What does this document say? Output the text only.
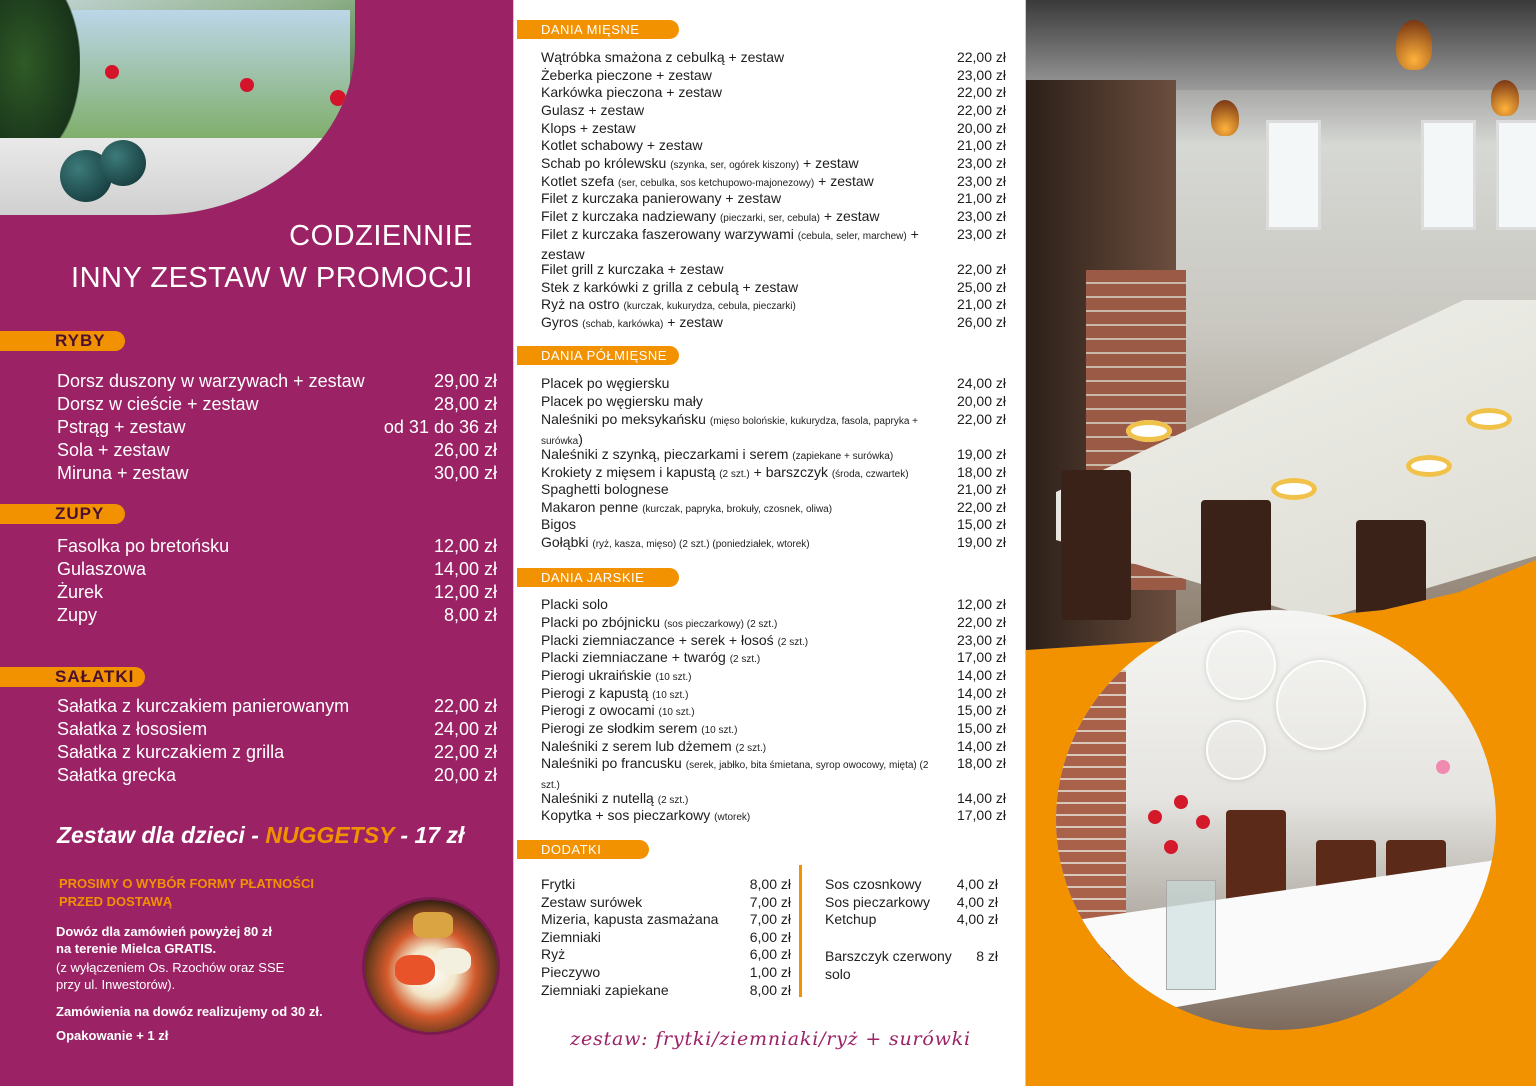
CODZIENNIE
INNY ZESTAW W PROMOCJI
RYBY
Dorsz duszony w warzywach + zestaw	29,00 zł
Dorsz w cieście + zestaw	28,00 zł
Pstrąg + zestaw	od 31 do 36 zł
Sola + zestaw	26,00 zł
Miruna + zestaw	30,00 zł
ZUPY
Fasolka po bretońsku	12,00 zł
Gulaszowa	14,00 zł
Żurek	12,00 zł
Zupy	8,00 zł
SAŁATKI
Sałatka z kurczakiem panierowanym	22,00 zł
Sałatka z łososiem	24,00 zł
Sałatka z kurczakiem z grilla	22,00 zł
Sałatka grecka	20,00 zł
Zestaw dla dzieci - NUGGETSY - 17 zł
PROSIMY O WYBÓR FORMY PŁATNOŚCI
PRZED DOSTAWĄ
Dowóz dla zamówień powyżej 80 zł
na terenie Mielca GRATIS.
(z wyłączeniem Os. Rzochów oraz SSE
przy ul. Inwestorów).
Zamówienia na dowóz realizujemy od 30 zł.
Opakowanie + 1 zł
DANIA MIĘSNE
Wątróbka smażona z cebulką + zestaw	22,00 zł
Żeberka pieczone + zestaw	23,00 zł
Karkówka pieczona + zestaw	22,00 zł
Gulasz + zestaw	22,00 zł
Klops + zestaw	20,00 zł
Kotlet schabowy + zestaw	21,00 zł
Schab po królewsku (szynka, ser, ogórek kiszony) + zestaw	23,00 zł
Kotlet szefa (ser, cebulka, sos ketchupowo-majonezowy) + zestaw	23,00 zł
Filet z kurczaka panierowany + zestaw	21,00 zł
Filet z kurczaka nadziewany (pieczarki, ser, cebula) + zestaw	23,00 zł
Filet z kurczaka faszerowany warzywami (cebula, seler, marchew) + zestaw
23,00 zł
Filet grill z kurczaka + zestaw	22,00 zł
Stek z karkówki z grilla z cebulą + zestaw	25,00 zł
Ryż na ostro (kurczak, kukurydza, cebula, pieczarki)	21,00 zł
Gyros (schab, karkówka) + zestaw	26,00 zł
DANIA PÓŁMIĘSNE
Placek po węgiersku	24,00 zł
Placek po węgiersku mały	20,00 zł
Naleśniki po meksykańsku (mięso bolońskie, kukurydza, fasola, papryka + surówka)
22,00 zł
Naleśniki z szynką, pieczarkami i serem (zapiekane + surówka)	19,00 zł
Krokiety z mięsem i kapustą (2 szt.) + barszczyk (środa, czwartek)	18,00 zł
Spaghetti bolognese	21,00 zł
Makaron penne (kurczak, papryka, brokuły, czosnek, oliwa)	22,00 zł
Bigos	15,00 zł
Gołąbki (ryż, kasza, mięso) (2 szt.) (poniedziałek, wtorek)	19,00 zł
DANIA JARSKIE
Placki solo	12,00 zł
Placki po zbójnicku (sos pieczarkowy) (2 szt.)	22,00 zł
Placki ziemniaczance + serek + łosoś (2 szt.)	23,00 zł
Placki ziemniaczane + twaróg (2 szt.)	17,00 zł
Pierogi ukraińskie (10 szt.)	14,00 zł
Pierogi z kapustą (10 szt.)	14,00 zł
Pierogi z owocami (10 szt.)	15,00 zł
Pierogi ze słodkim serem (10 szt.)	15,00 zł
Naleśniki z serem lub dżemem (2 szt.)	14,00 zł
Naleśniki po francusku (serek, jabłko, bita śmietana, syrop owocowy, mięta) (2 szt.)
18,00 zł
Naleśniki z nutellą (2 szt.)	14,00 zł
Kopytka + sos pieczarkowy (wtorek)	17,00 zł
DODATKI
Frytki	8,00 zł
Zestaw surówek	7,00 zł
Mizeria, kapusta zasmażana 7,00 zł
Ziemniaki	6,00 zł
Ryż	6,00 zł
Pieczywo	1,00 zł
Ziemniaki zapiekane	8,00 zł
Sos czosnkowy	4,00 zł
Sos pieczarkowy 4,00 zł
Ketchup	4,00 zł
Barszczyk czerwony
solo
8 zł
zestaw: frytki/ziemniaki/ryż + surówki
